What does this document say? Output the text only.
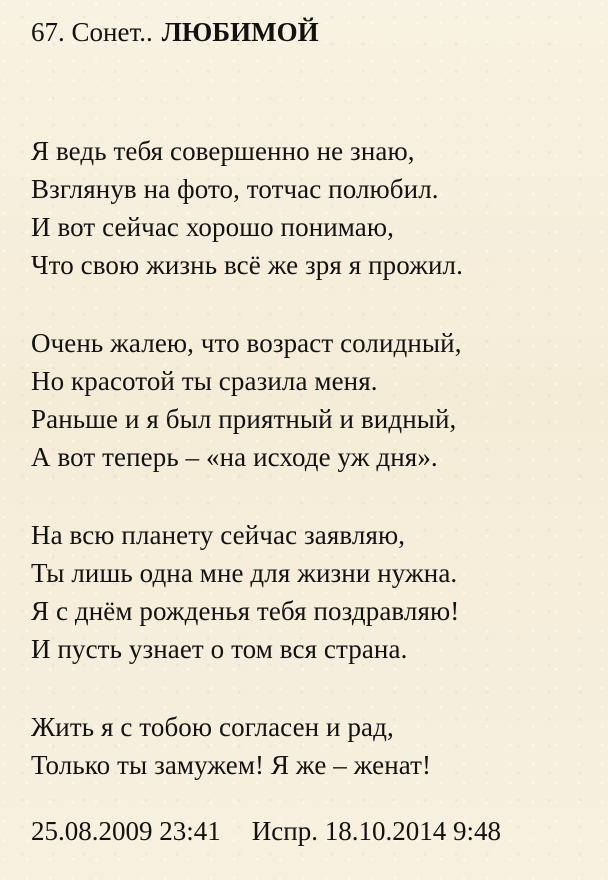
67. Сонет.. ЛЮБИМОЙ
Я ведь тебя совершенно не знаю,
Взглянув на фото, тотчас полюбил.
И вот сейчас хорошо понимаю,
Что свою жизнь всё же зря я прожил.
Очень жалею, что возраст солидный,
Но красотой ты сразила меня.
Раньше и я был приятный и видный,
А вот теперь – «на исходе уж дня».
На всю планету сейчас заявляю,
Ты лишь одна мне для жизни нужна.
Я с днём рожденья тебя поздравляю!
И пусть узнает о том вся страна.
Жить я с тобою согласен и рад,
Только ты замужем! Я же – женат!
25.08.2009 23:41 Испр. 18.10.2014 9:48
